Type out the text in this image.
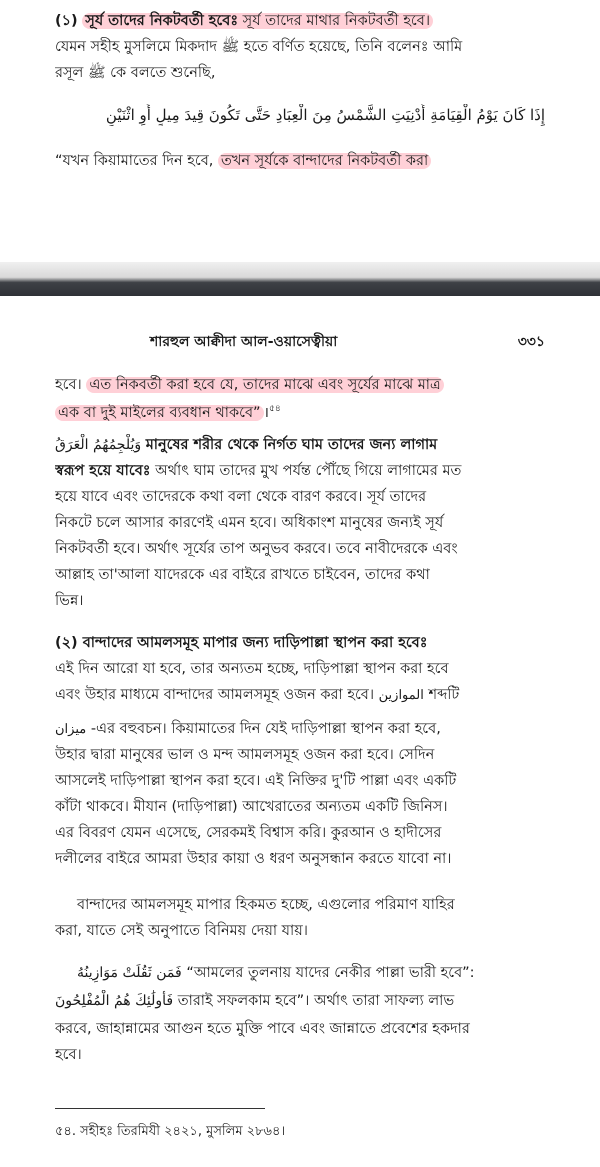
(১) সূর্য তাদের নিকটবর্তী হবেঃ সূর্য তাদের মাথার নিকটবর্তী হবে।
যেমন সহীহ মুসলিমে মিকদাদ ﷺ হতে বর্ণিত হয়েছে, তিনি বলেনঃ আমি
রসূল ﷺ কে বলতে শুনেছি,
إِذَا كَانَ يَوْمُ الْقِيَامَةِ أُدْنِيَتِ الشَّمْسُ مِنَ الْعِبَادِ حَتَّى تَكُونَ قِيدَ مِيلٍ أَوِ اثْنَيْنِ
“যখন কিয়ামাতের দিন হবে, তখন সূর্যকে বান্দাদের নিকটবর্তী করা
শারহুল আক্বীদা আল-ওয়াসেত্বীয়া	৩৩১
হবে। এত নিকবর্তী করা হবে যে, তাদের মাঝে এবং সূর্যের মাঝে মাত্র
এক বা দুই মাইলের ব্যবধান থাকবে” ।$^{৫৪}$
وَيُلْجِمُهُمُ الْعَرَقُ মানুষের শরীর থেকে নির্গত ঘাম তাদের জন্য লাগাম
স্বরূপ হয়ে যাবেঃ অর্থাৎ ঘাম তাদের মুখ পর্যন্ত পৌঁছে গিয়ে লাগামের মত
হয়ে যাবে এবং তাদেরকে কথা বলা থেকে বারণ করবে। সূর্য তাদের
নিকটে চলে আসার কারণেই এমন হবে। অধিকাংশ মানুষের জন্যই সূর্য
নিকটবর্তী হবে। অর্থাৎ সূর্যের তাপ অনুভব করবে। তবে নাবীদেরকে এবং
আল্লাহ তা'আলা যাদেরকে এর বাইরে রাখতে চাইবেন, তাদের কথা
ভিন্ন।
(২) বান্দাদের আমলসমূহ মাপার জন্য দাড়িপাল্লা স্থাপন করা হবেঃ
এই দিন আরো যা হবে, তার অন্যতম হচ্ছে, দাড়িপাল্লা স্থাপন করা হবে
এবং উহার মাধ্যমে বান্দাদের আমলসমূহ ওজন করা হবে। الموازين শব্দটি
ميزان -এর বহুবচন। কিয়ামাতের দিন যেই দাড়িপাল্লা স্থাপন করা হবে,
উহার দ্বারা মানুষের ভাল ও মন্দ আমলসমূহ ওজন করা হবে। সেদিন
আসলেই দাড়িপাল্লা স্থাপন করা হবে। এই নিক্তির দু'টি পাল্লা এবং একটি
কাঁটা থাকবে। মীযান (দাড়িপাল্লা) আখেরাতের অন্যতম একটি জিনিস।
এর বিবরণ যেমন এসেছে, সেরকমই বিশ্বাস করি। কুরআন ও হাদীসের
দলীলের বাইরে আমরা উহার কায়া ও ধরণ অনুসন্ধান করতে যাবো না।
বান্দাদের আমলসমূহ মাপার হিকমত হচ্ছে, এগুলোর পরিমাণ যাহির
করা, যাতে সেই অনুপাতে বিনিময় দেয়া যায়।
فَمَن ثَقُلَتْ مَوَازِينُهُ “আমলের তুলনায় যাদের নেকীর পাল্লা ভারী হবে”:
فَأُولَٰئِكَ هُمُ الْمُفْلِحُونَ তারাই সফলকাম হবে”। অর্থাৎ তারা সাফল্য লাভ
করবে, জাহান্নামের আগুন হতে মুক্তি পাবে এবং জান্নাতে প্রবেশের হকদার
হবে।
৫৪. সহীহঃ তিরমিযী ২৪২১, মুসলিম ২৮৬৪।
